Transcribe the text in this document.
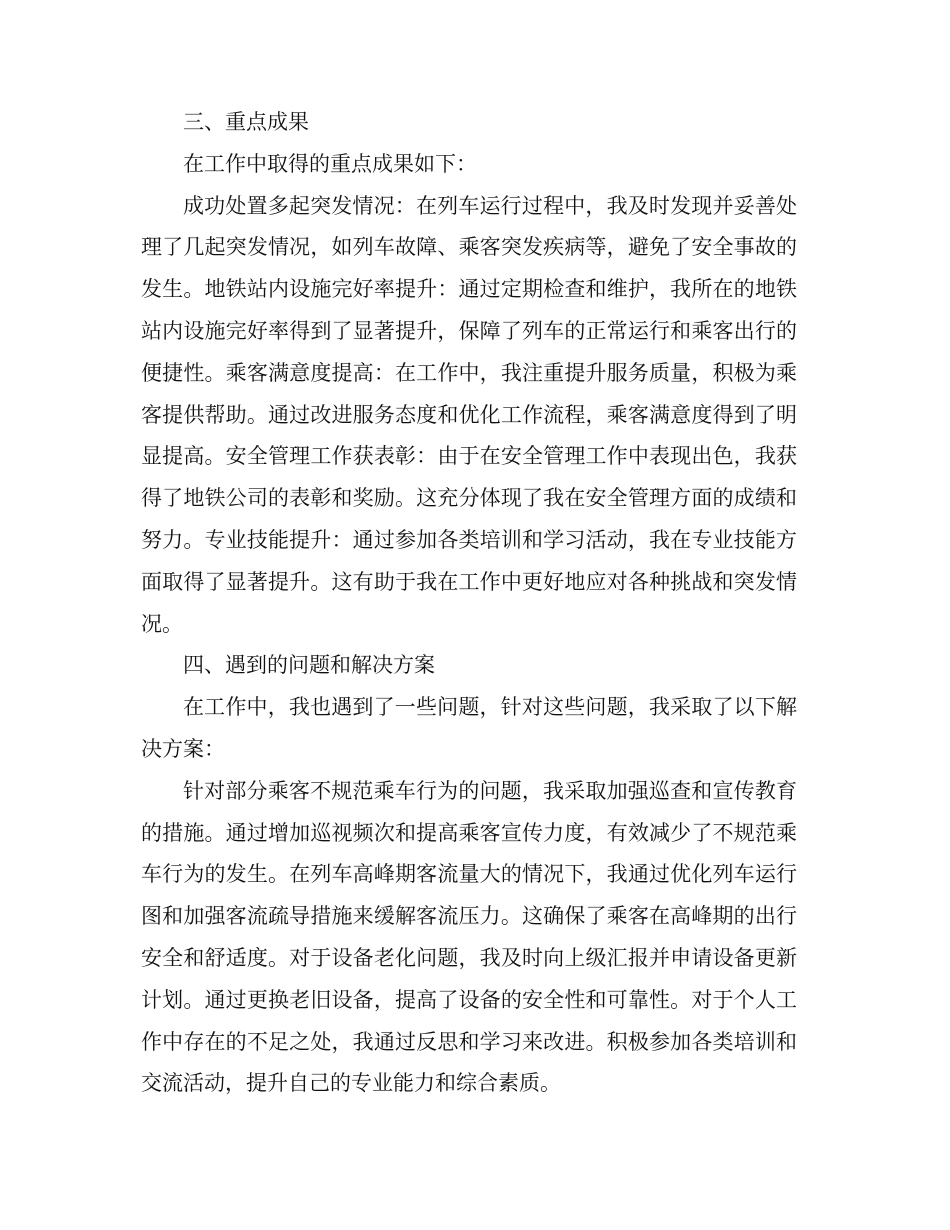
三、重点成果

在工作中取得的重点成果如下：

成功处置多起突发情况：在列车运行过程中，我及时发现并妥善处理了几起突发情况，如列车故障、乘客突发疾病等，避免了安全事故的发生。地铁站内设施完好率提升：通过定期检查和维护，我所在的地铁站内设施完好率得到了显著提升，保障了列车的正常运行和乘客出行的便捷性。乘客满意度提高：在工作中，我注重提升服务质量，积极为乘客提供帮助。通过改进服务态度和优化工作流程，乘客满意度得到了明显提高。安全管理工作获表彰：由于在安全管理工作中表现出色，我获得了地铁公司的表彰和奖励。这充分体现了我在安全管理方面的成绩和努力。专业技能提升：通过参加各类培训和学习活动，我在专业技能方面取得了显著提升。这有助于我在工作中更好地应对各种挑战和突发情况。

四、遇到的问题和解决方案

在工作中，我也遇到了一些问题，针对这些问题，我采取了以下解决方案：

针对部分乘客不规范乘车行为的问题，我采取加强巡查和宣传教育的措施。通过增加巡视频次和提高乘客宣传力度，有效减少了不规范乘车行为的发生。在列车高峰期客流量大的情况下，我通过优化列车运行图和加强客流疏导措施来缓解客流压力。这确保了乘客在高峰期的出行安全和舒适度。对于设备老化问题，我及时向上级汇报并申请设备更新计划。通过更换老旧设备，提高了设备的安全性和可靠性。对于个人工作中存在的不足之处，我通过反思和学习来改进。积极参加各类培训和交流活动，提升自己的专业能力和综合素质。
